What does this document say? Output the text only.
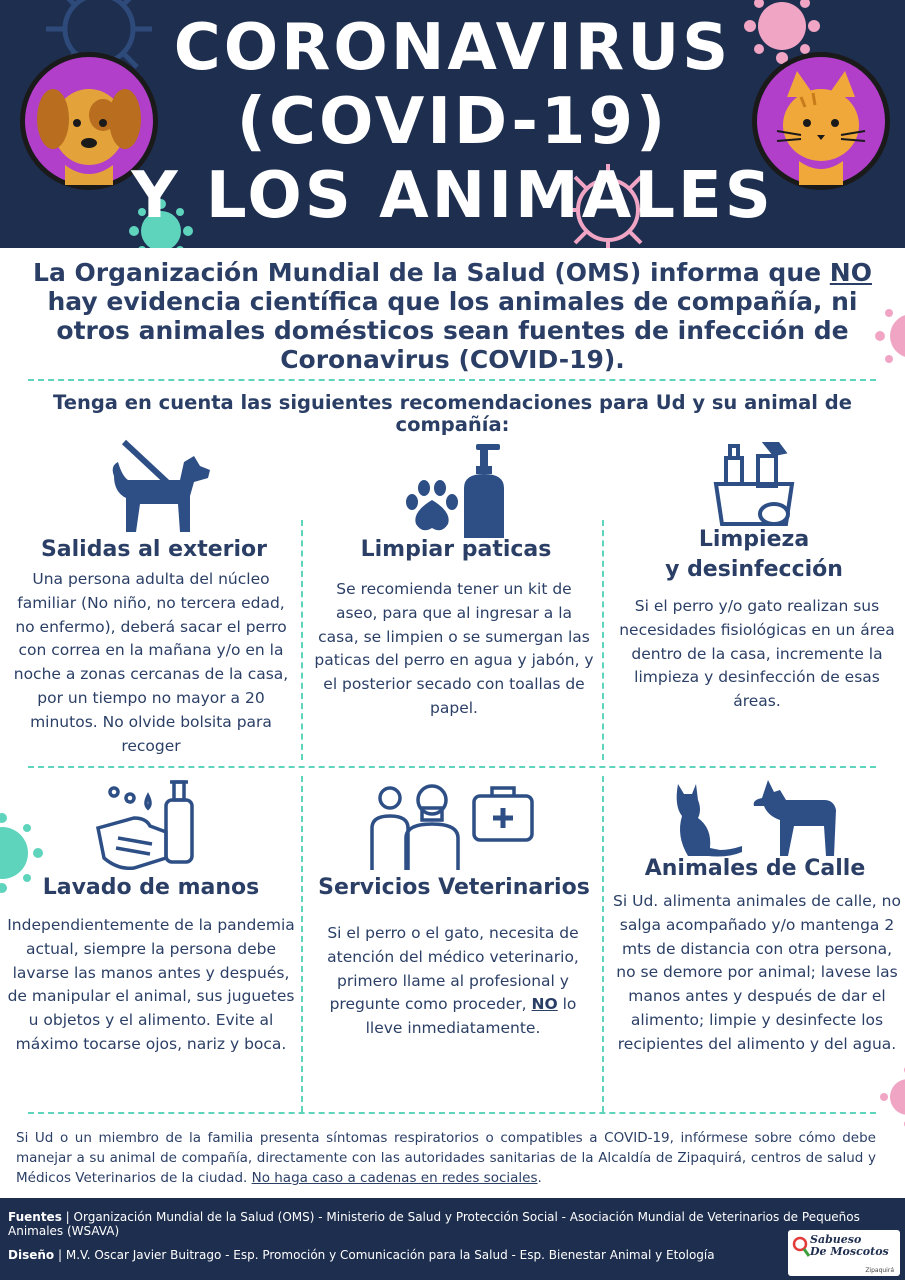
CORONAVIRUS
(COVID-19)
Y LOS ANIMALES
La Organización Mundial de la Salud (OMS) informa que NO hay evidencia científica que los animales de compañía, ni otros animales domésticos sean fuentes de infección de Coronavirus (COVID-19).
Tenga en cuenta las siguientes recomendaciones para Ud y su animal de compañía:
Salidas al exterior
Una persona adulta del núcleo familiar (No niño, no tercera edad, no enfermo), deberá sacar el perro con correa en la mañana y/o en la noche a zonas cercanas de la casa, por un tiempo no mayor a 20 minutos. No olvide bolsita para recoger
Limpiar paticas
Se recomienda tener un kit de aseo, para que al ingresar a la casa, se limpien o se sumergan las paticas del perro en agua y jabón, y el posterior secado con toallas de papel.
Limpieza
y desinfección
Si el perro y/o gato realizan sus necesidades fisiológicas en un área dentro de la casa, incremente la limpieza y desinfección de esas áreas.
Lavado de manos
Independientemente de la pandemia actual, siempre la persona debe lavarse las manos antes y después, de manipular el animal, sus juguetes u objetos y el alimento. Evite al máximo tocarse ojos, nariz y boca.
Servicios Veterinarios
Si el perro o el gato, necesita de atención del médico veterinario, primero llame al profesional y pregunte como proceder, NO lo lleve inmediatamente.
Animales de Calle
Si Ud. alimenta animales de calle, no salga acompañado y/o mantenga 2 mts de distancia con otra persona, no se demore por animal; lavese las manos antes y después de dar el alimento; limpie y desinfecte los recipientes del alimento y del agua.
Si Ud o un miembro de la familia presenta síntomas respiratorios o compatibles a COVID-19, infórmese sobre cómo debe manejar a su animal de compañía, directamente con las autoridades sanitarias de la Alcaldía de Zipaquirá, centros de salud y Médicos Veterinarios de la ciudad. No haga caso a cadenas en redes sociales.
Fuentes | Organización Mundial de la Salud (OMS) - Ministerio de Salud y Protección Social - Asociación Mundial de Veterinarios de Pequeños Animales (WSAVA)
Diseño | M.V. Oscar Javier Buitrago - Esp. Promoción y Comunicación para la Salud - Esp. Bienestar Animal y Etología
Sabueso
De Moscotos
Zipaquirá
